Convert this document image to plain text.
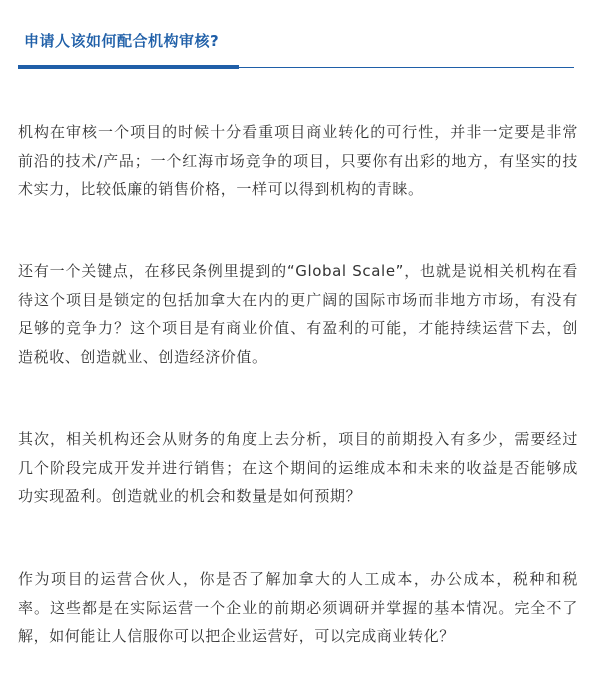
申请人该如何配合机构审核?

机构在审核一个项目的时候十分看重项目商业转化的可行性，并非一定要是非常前沿的技术/产品；一个红海市场竞争的项目，只要你有出彩的地方，有坚实的技术实力，比较低廉的销售价格，一样可以得到机构的青睐。

还有一个关键点，在移民条例里提到的“Global Scale”，也就是说相关机构在看待这个项目是锁定的包括加拿大在内的更广阔的国际市场而非地方市场，有没有足够的竞争力？这个项目是有商业价值、有盈利的可能，才能持续运营下去，创造税收、创造就业、创造经济价值。

其次，相关机构还会从财务的角度上去分析，项目的前期投入有多少，需要经过几个阶段完成开发并进行销售；在这个期间的运维成本和未来的收益是否能够成功实现盈利。创造就业的机会和数量是如何预期？

作为项目的运营合伙人，你是否了解加拿大的人工成本，办公成本，税种和税率。这些都是在实际运营一个企业的前期必须调研并掌握的基本情况。完全不了解，如何能让人信服你可以把企业运营好，可以完成商业转化？
